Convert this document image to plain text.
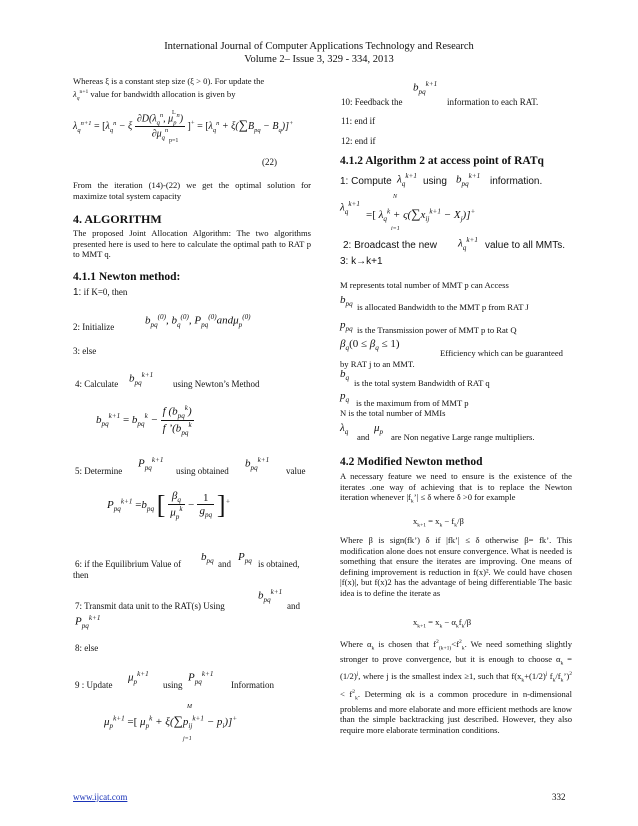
International Journal of Computer Applications Technology and Research
Volume 2– Issue 3, 329 - 334, 2013
Whereas ξ is a constant step size (ξ > 0). For update the
$\lambda_q^{n+1}$ value for bandwidth allocation is given by
$\lambda_q^{n+1} = [\lambda_q^n - \xi \frac{\partial D(\lambda_q^n, \mu_p^n)}{\partial\mu_q^n} ]^+ = [\lambda_q^n + \xi(\sum B_{pq} - B_q)]^+$
p=1
L
(22)
From the iteration (14)-(22) we get the optimal solution for maximize total system capacity
4. ALGORITHM
The proposed Joint Allocation Algorithm: The two algorithms presented here is used to here to calculate the optimal path to RAT p to MMT q.
4.1.1 Newton method:
1: if K=0, then
2: Initialize
$b_{pq}^{(0)}$, $b_q^{(0)}$, $P_{pq}^{(0)}and\mu_p^{(0)}$
3: else
4: Calculate $b_{pq}^{k+1}$
using Newton’s Method
$b_{pq}^{k+1} = b_{pq}^k - \frac{f (b_{pq}^k)}{f ’(b_{pq}^k}$
5: Determine
$P_{pq}^{k+1}$
using obtained
$b_{pq}^{k+1}$
value
$P_{pq}^{k+1} =b_{pq}$ [ $\frac{\beta_q}{\mu_p^k} - \frac{1}{g_{pq}} ]^+$
6: if the Equilibrium Value of
$b_{pq}$ and
$P_{pq}$ is obtained,
then
$b_{pq}^{k+1}$
7: Transmit data unit to the RAT(s) Using	and
$P_{pq}^{k+1}$
8: else
9 : Update
$\mu_p^{k+1}$
using
$P_{pq}^{k+1}$
Information
M
$\mu_p^{k+1}$ =[ $\mu_p^k + \xi(\sum p_{ij}^{k+1} - p_i)]^+$
j=1
$b_{pq}^{k+1}$
10: Feedback the	information to each RAT.
11: end if
12: end if
4.1.2 Algorithm 2 at access point of RATq
1: Compute $\lambda_q^{k+1}$ using $b_{pq}^{k+1}$ information.
N
$\lambda_q^{k+1}$
=[ $\lambda_q^k + \varsigma(\sum x_{ij}^{k+1} - X_j)]^+$
i=1
2: Broadcast the new $\lambda_q^{k+1}$ value to all MMTs.
3: k→k+1
M represents total number of MMT p can Access
$b_{pq}$ is allocated Bandwidth to the MMT p from RAT J
$p_{pq}$ is the Transmission power of MMT p to Rat Q
$\beta_q(0 \le \beta_q \le 1)$
Efficiency which can be guaranteed by RAT j to an MMT.
$b_q$ is the total system Bandwidth of RAT q
$p_q$ is the maximum from of MMT p
N is the total number of MMIs
$\lambda_q$ and
$\mu_p$ are Non negative Large range multipliers.
4.2 Modified Newton method
A necessary feature we need to ensure is the existence of the iterates .one way of achieving that is to replace the Newton iteration whenever $|f_k’| \le \delta$ where δ >0 for example
$x_{k+1} = x_k - f_k/\beta$
Where β is sign(fk’) δ if |fk’| ≤ δ otherwise β= fk’. This modification alone does not ensure convergence. What is needed is something that ensure the iterates are improving. One means of defining improvement is reduction in f(x)². We could have chosen |f(x)|, but f(x)2 has the advantage of being differentiable The basic idea is to define the iterate as
$x_{k+1} = x_k - \alpha_kf_k/\beta$
Where $\alpha_k$ is chosen that $f^2_{(k+1)}<f^2_k$. We need something slightly stronger to prove convergence, but it is enough to choose $\alpha_k =(1/2)^j$, where j is the smallest index ≥1, such that $f(x_k+(1/2)^j$ $f_k/f_k’)^2 < f^2_k$. Determing αk is a common procedure in n-dimensional problems and more elaborate and more efficient methods are know than the simple backtracking just described. However, they also require more elaborate termination conditions.
www.ijcat.com	332
